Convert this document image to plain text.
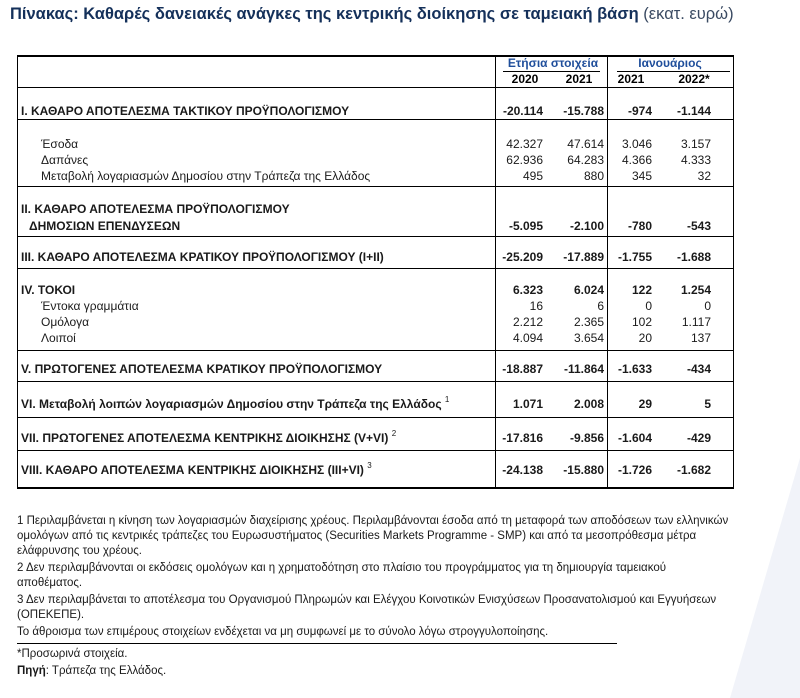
Πίνακας: Καθαρές δανειακές ανάγκες της κεντρικής διοίκησης σε ταμειακή βάση (εκατ. ευρώ)
Ετήσια στοιχεία	Ιανουάριος
2020	2021	2021	2022*
I. ΚΑΘΑΡΟ ΑΠΟΤΕΛΕΣΜΑ ΤΑΚΤΙΚΟΥ ΠΡΟΫΠΟΛΟΓΙΣΜΟΥ	-20.114	-15.788	-974	-1.144
Έσοδα	42.327	47.614	3.046	3.157
Δαπάνες	62.936	64.283	4.366	4.333
Μεταβολή λογαριασμών Δημοσίου στην Τράπεζα της Ελλάδος	495	880	345	32
II. ΚΑΘΑΡΟ ΑΠΟΤΕΛΕΣΜΑ ΠΡΟΫΠΟΛΟΓΙΣΜΟΥ
ΔΗΜΟΣΙΩΝ ΕΠΕΝΔΥΣΕΩΝ	-5.095	-2.100	-780	-543
III. ΚΑΘΑΡΟ ΑΠΟΤΕΛΕΣΜΑ ΚΡΑΤΙΚΟΥ ΠΡΟΫΠΟΛΟΓΙΣΜΟΥ (I+II)	-25.209	-17.889	-1.755	-1.688
IV. ΤΟΚΟΙ	6.323	6.024	122	1.254
Έντοκα γραμμάτια	16	6	0	0
Ομόλογα	2.212	2.365	102	1.117
Λοιποί	4.094	3.654	20	137
V. ΠΡΩΤΟΓΕΝΕΣ ΑΠΟΤΕΛΕΣΜΑ ΚΡΑΤΙΚΟΥ ΠΡΟΫΠΟΛΟΓΙΣΜΟΥ	-18.887	-11.864	-1.633	-434
VI. Μεταβολή λοιπών λογαριασμών Δημοσίου στην Τράπεζα της Ελλάδος $^1$	1.071	2.008	29	5
VII. ΠΡΩΤΟΓΕΝΕΣ ΑΠΟΤΕΛΕΣΜΑ ΚΕΝΤΡΙΚΗΣ ΔΙΟΙΚΗΣΗΣ (V+VI) $^2$	-17.816	-9.856	-1.604	-429
VIII. ΚΑΘΑΡΟ ΑΠΟΤΕΛΕΣΜΑ ΚΕΝΤΡΙΚΗΣ ΔΙΟΙΚΗΣΗΣ (III+VI) $^3$	-24.138	-15.880	-1.726	-1.682

1 Περιλαμβάνεται η κίνηση των λογαριασμών διαχείρισης χρέους. Περιλαμβάνονται έσοδα από τη μεταφορά των αποδόσεων των ελληνικών ομολόγων από τις κεντρικές τράπεζες του Ευρωσυστήματος (Securities Markets Programme - SMP) και από τα μεσοπρόθεσμα μέτρα ελάφρυνσης του χρέους.

2 Δεν περιλαμβάνονται οι εκδόσεις ομολόγων και η χρηματοδότηση στο πλαίσιο του προγράμματος για τη δημιουργία ταμειακού αποθέματος.

3 Δεν περιλαμβάνεται το αποτέλεσμα του Οργανισμού Πληρωμών και Ελέγχου Κοινοτικών Ενισχύσεων Προσανατολισμού και Εγγυήσεων (ΟΠΕΚΕΠΕ).

Το άθροισμα των επιμέρους στοιχείων ενδέχεται να μη συμφωνεί με το σύνολο λόγω στρογγυλοποίησης.

*Προσωρινά στοιχεία.

Πηγή: Τράπεζα της Ελλάδος.
